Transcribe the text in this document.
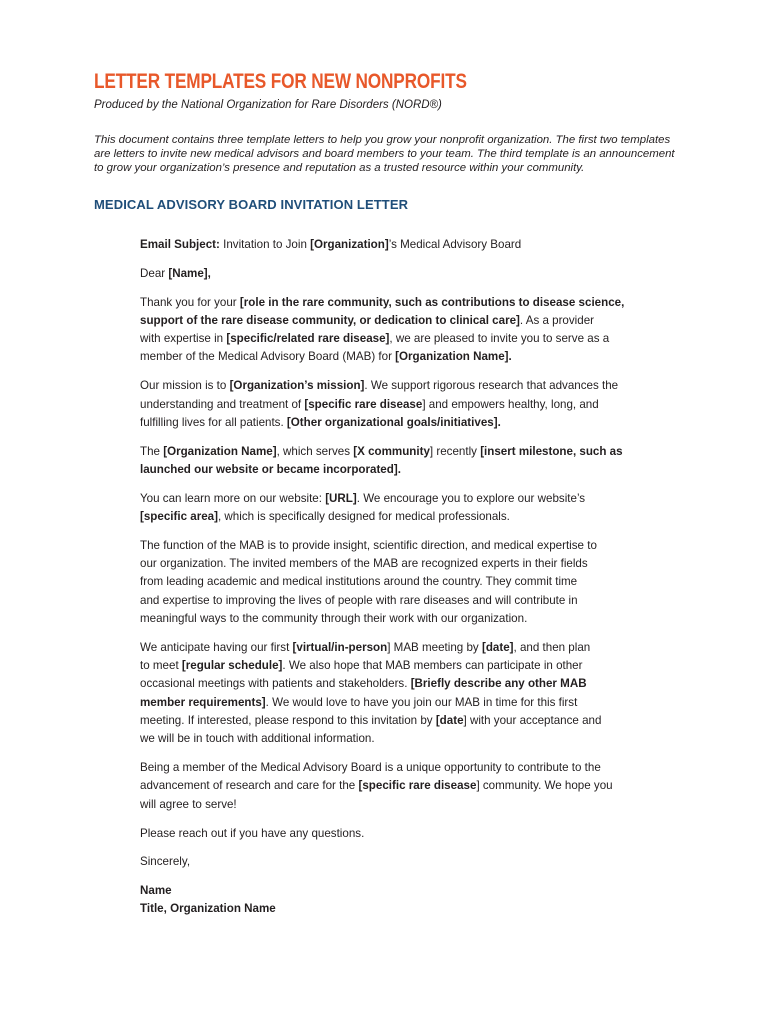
LETTER TEMPLATES FOR NEW NONPROFITS

Produced by the National Organization for Rare Disorders (NORD®)

This document contains three template letters to help you grow your nonprofit organization. The first two templates
are letters to invite new medical advisors and board members to your team. The third template is an announcement
to grow your organization’s presence and reputation as a trusted resource within your community.

MEDICAL ADVISORY BOARD INVITATION LETTER

Email Subject: Invitation to Join [Organization]’s Medical Advisory Board

Dear [Name],

Thank you for your [role in the rare community, such as contributions to disease science,
support of the rare disease community, or dedication to clinical care]. As a provider
with expertise in [specific/related rare disease], we are pleased to invite you to serve as a
member of the Medical Advisory Board (MAB) for [Organization Name].

Our mission is to [Organization’s mission]. We support rigorous research that advances the
understanding and treatment of [specific rare disease] and empowers healthy, long, and
fulfilling lives for all patients. [Other organizational goals/initiatives].

The [Organization Name], which serves [X community] recently [insert milestone, such as
launched our website or became incorporated].

You can learn more on our website: [URL]. We encourage you to explore our website’s
[specific area], which is specifically designed for medical professionals.

The function of the MAB is to provide insight, scientific direction, and medical expertise to
our organization. The invited members of the MAB are recognized experts in their fields
from leading academic and medical institutions around the country. They commit time
and expertise to improving the lives of people with rare diseases and will contribute in
meaningful ways to the community through their work with our organization.

We anticipate having our first [virtual/in-person] MAB meeting by [date], and then plan
to meet [regular schedule]. We also hope that MAB members can participate in other
occasional meetings with patients and stakeholders. [Briefly describe any other MAB
member requirements]. We would love to have you join our MAB in time for this first
meeting. If interested, please respond to this invitation by [date] with your acceptance and
we will be in touch with additional information.

Being a member of the Medical Advisory Board is a unique opportunity to contribute to the
advancement of research and care for the [specific rare disease] community. We hope you
will agree to serve!

Please reach out if you have any questions.

Sincerely,

Name
Title, Organization Name
